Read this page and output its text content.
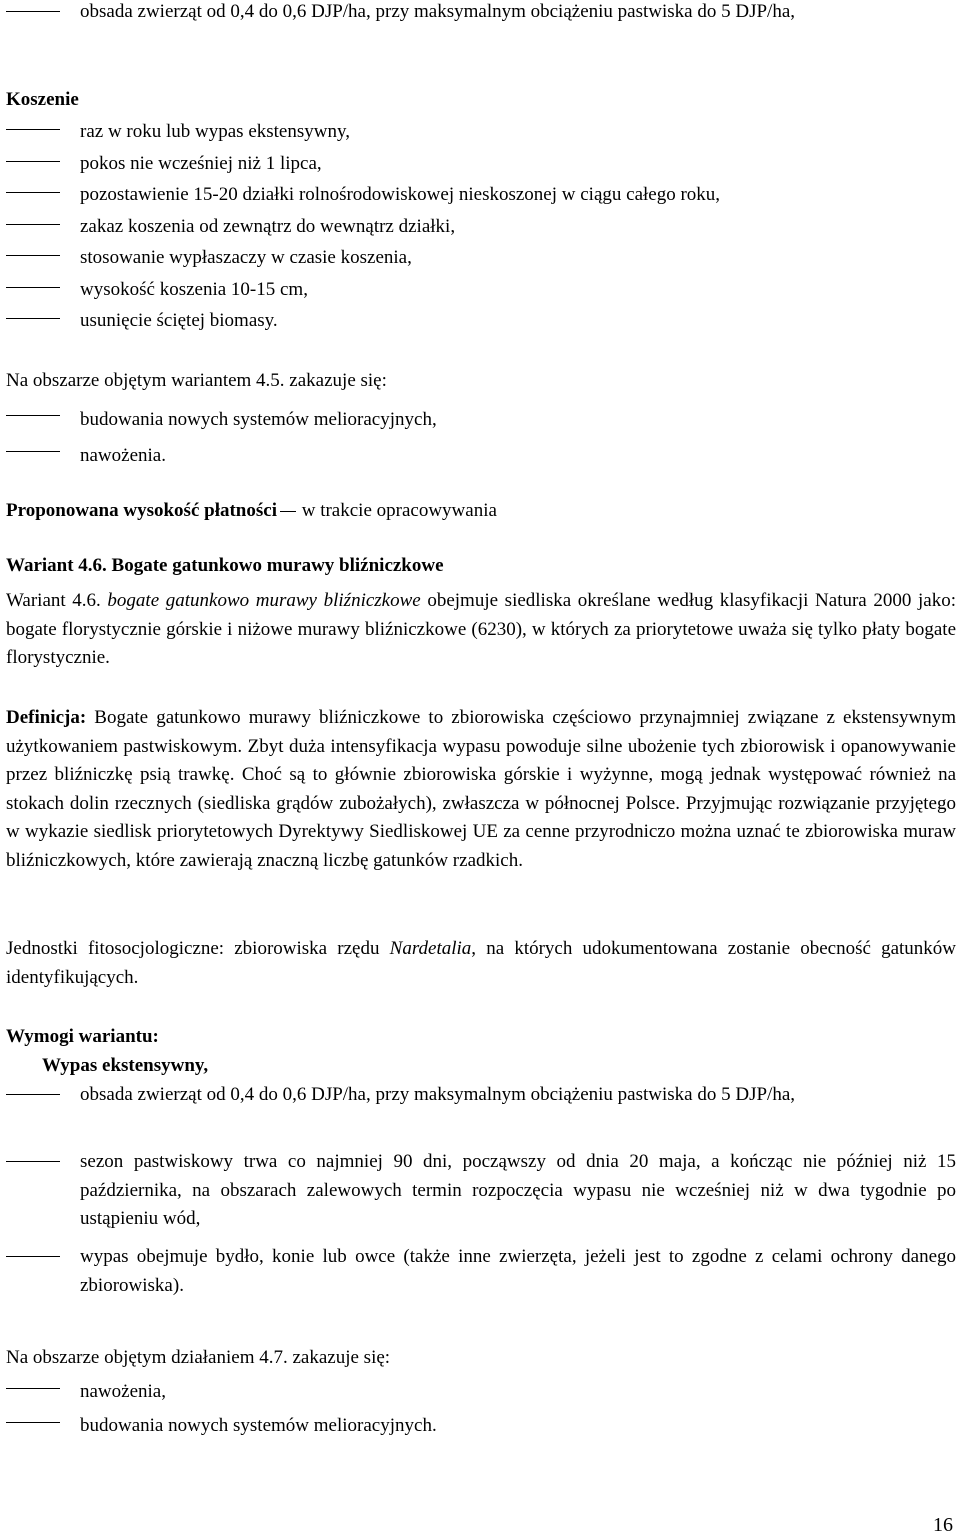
obsada zwierząt od 0,4 do 0,6 DJP/ha, przy maksymalnym obciążeniu pastwiska do 5 DJP/ha,

Koszenie

raz w roku lub wypas ekstensywny,

pokos nie wcześniej niż 1 lipca,

pozostawienie 15-20 działki rolnośrodowiskowej nieskoszonej w ciągu całego roku,

zakaz koszenia od zewnątrz do wewnątrz działki,

stosowanie wypłaszaczy w czasie koszenia,

wysokość koszenia 10-15 cm,

usunięcie ściętej biomasy.

Na obszarze objętym wariantem 4.5. zakazuje się:

budowania nowych systemów melioracyjnych,

nawożenia.

Proponowana wysokość płatności w trakcie opracowywania

Wariant 4.6. Bogate gatunkowo murawy bliźniczkowe

Wariant 4.6. bogate gatunkowo murawy bliźniczkowe obejmuje siedliska określane według klasyfikacji Natura 2000 jako: bogate florystycznie górskie i niżowe murawy bliźniczkowe (6230), w których za priorytetowe uważa się tylko płaty bogate florystycznie.

Definicja: Bogate gatunkowo murawy bliźniczkowe to zbiorowiska częściowo przynajmniej związane z ekstensywnym użytkowaniem pastwiskowym. Zbyt duża intensyfikacja wypasu powoduje silne ubożenie tych zbiorowisk i opanowywanie przez bliźniczkę psią trawkę. Choć są to głównie zbiorowiska górskie i wyżynne, mogą jednak występować również na stokach dolin rzecznych (siedliska grądów zubożałych), zwłaszcza w północnej Polsce. Przyjmując rozwiązanie przyjętego w wykazie siedlisk priorytetowych Dyrektywy Siedliskowej UE za cenne przyrodniczo można uznać te zbiorowiska muraw bliźniczkowych, które zawierają znaczną liczbę gatunków rzadkich.

Jednostki fitosocjologiczne: zbiorowiska rzędu Nardetalia, na których udokumentowana zostanie obecność gatunków identyfikujących.

Wymogi wariantu:

Wypas ekstensywny,

obsada zwierząt od 0,4 do 0,6 DJP/ha, przy maksymalnym obciążeniu pastwiska do 5 DJP/ha,

sezon pastwiskowy trwa co najmniej 90 dni, począwszy od dnia 20 maja, a kończąc nie później niż 15 października, na obszarach zalewowych termin rozpoczęcia wypasu nie wcześniej niż w dwa tygodnie po ustąpieniu wód,

wypas obejmuje bydło, konie lub owce (także inne zwierzęta, jeżeli jest to zgodne z celami ochrony danego zbiorowiska).

Na obszarze objętym działaniem 4.7. zakazuje się:

nawożenia,

budowania nowych systemów melioracyjnych.

16
